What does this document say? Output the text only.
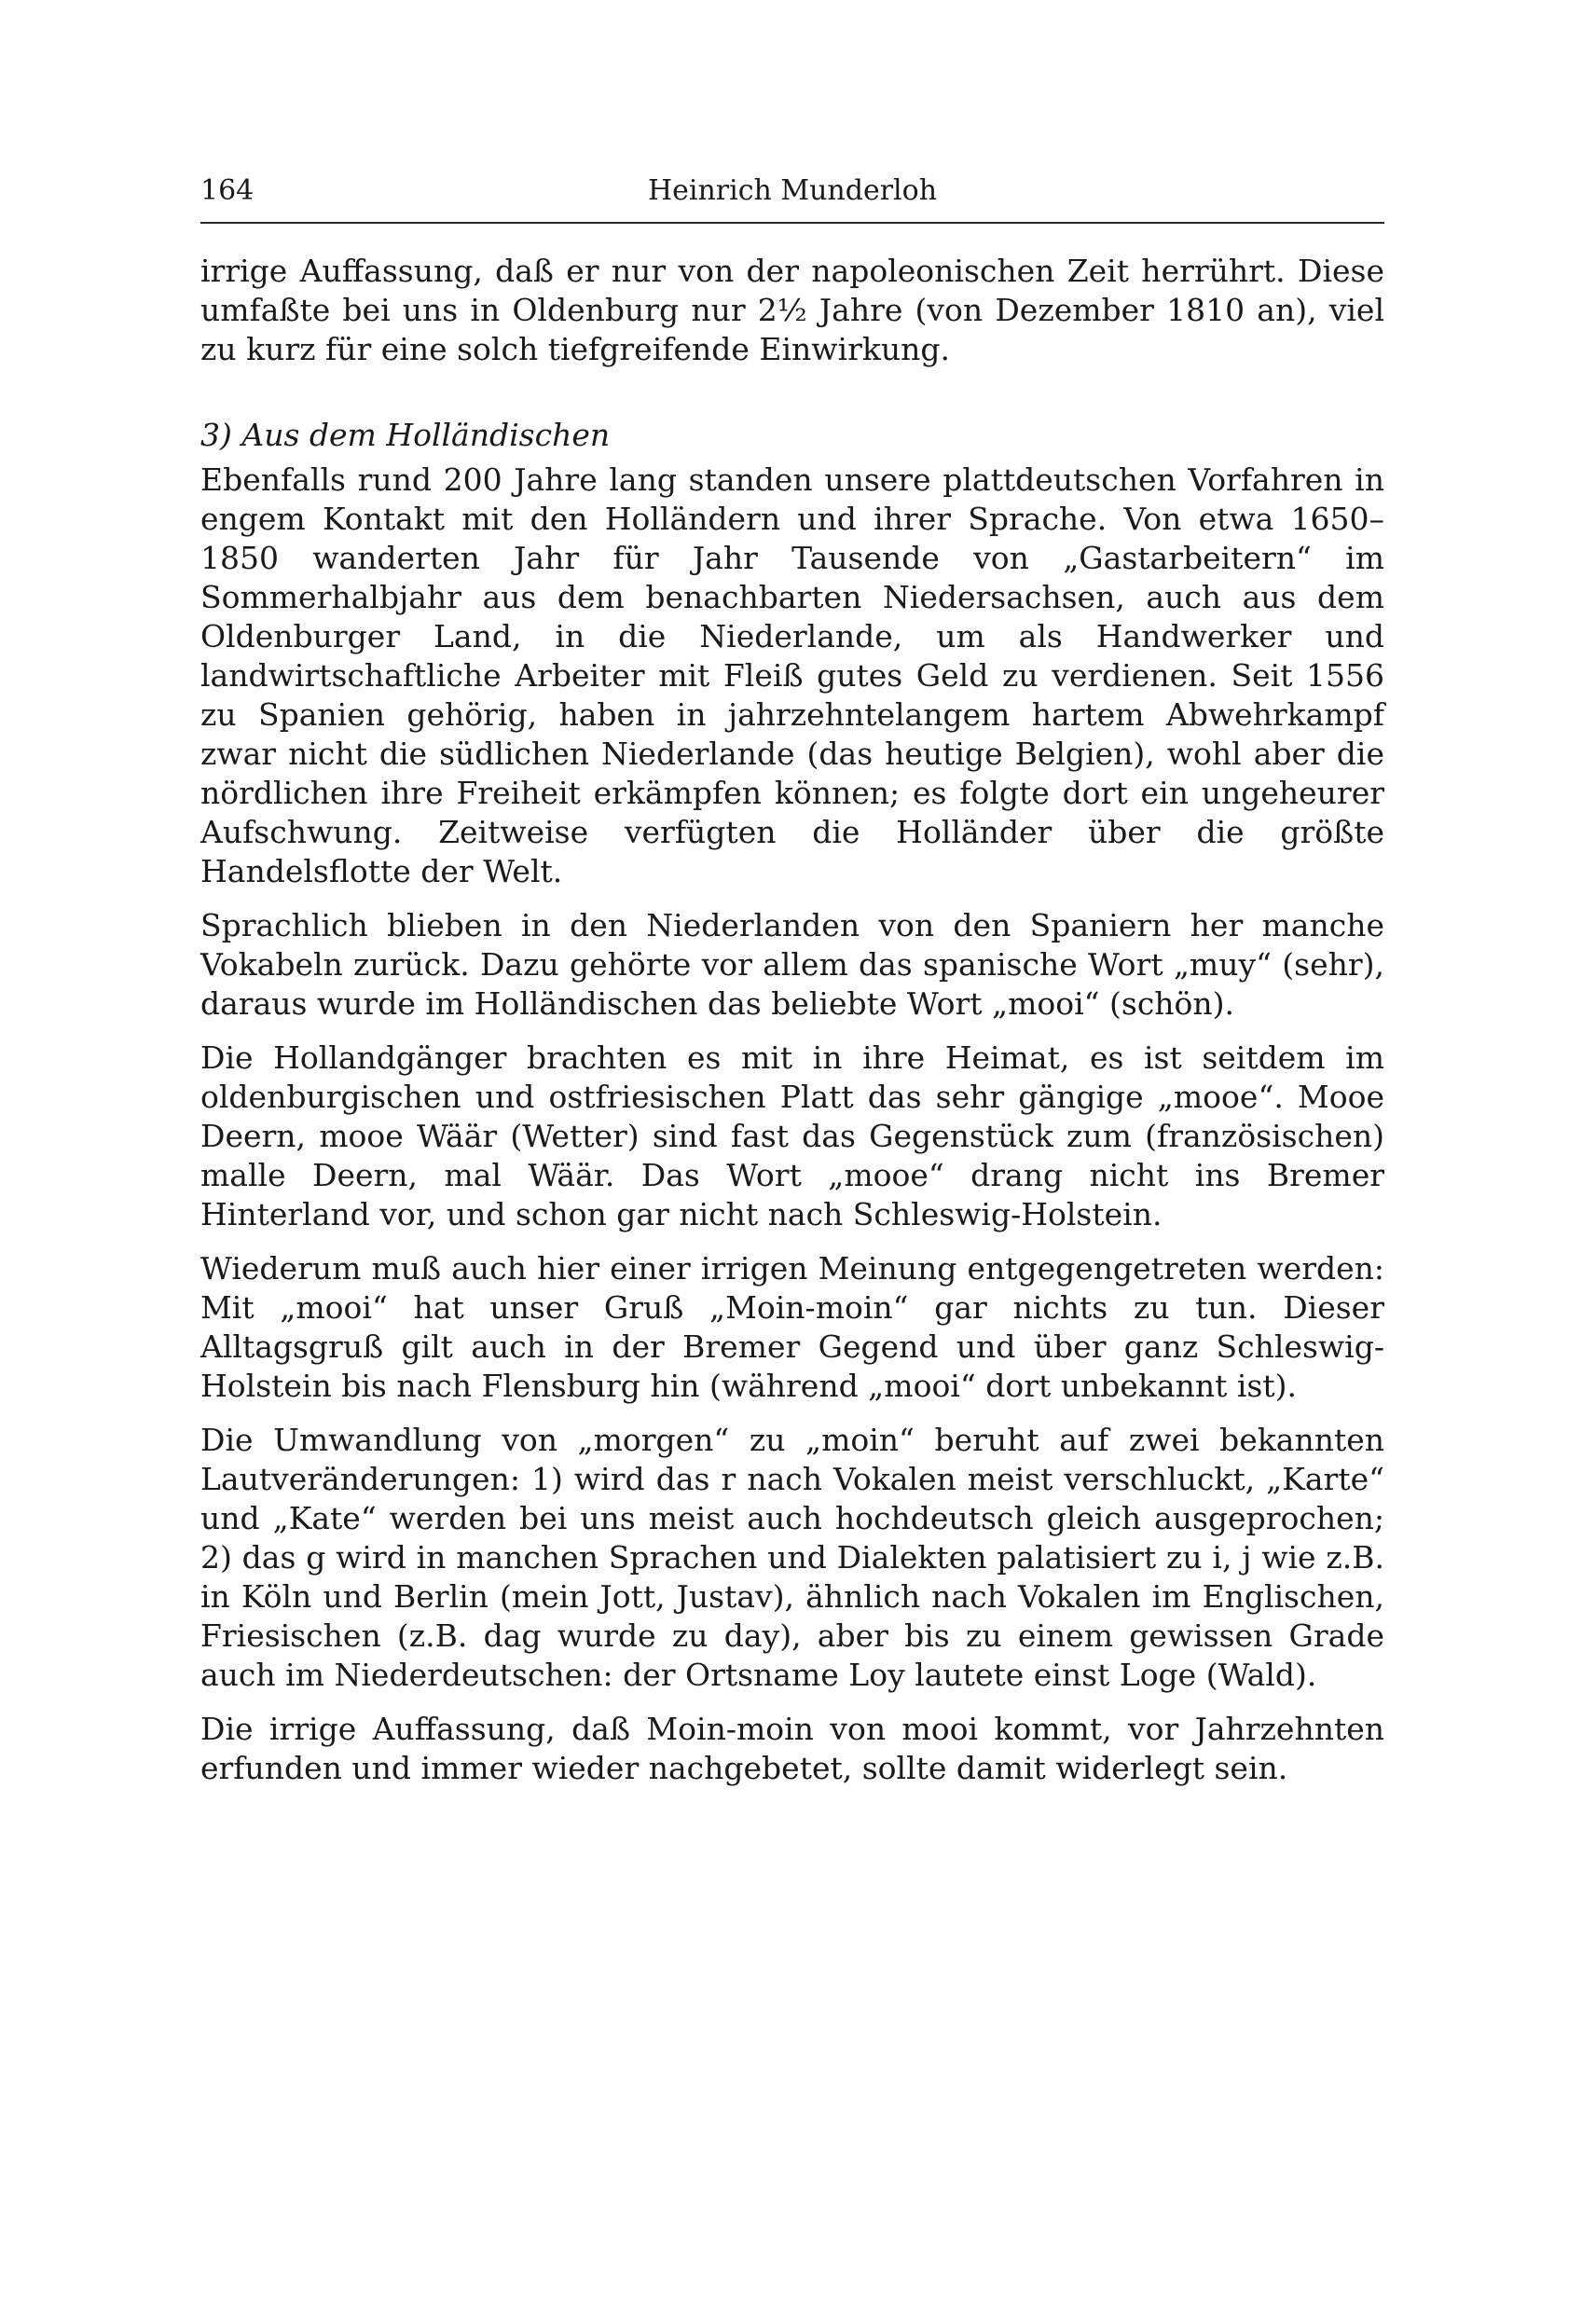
164	Heinrich Munderloh

irrige Auffassung, daß er nur von der napoleonischen Zeit herrührt. Diese umfaßte bei uns in Oldenburg nur 2½ Jahre (von Dezember 1810 an), viel zu kurz für eine solch tiefgreifende Einwirkung.

3) Aus dem Holländischen

Ebenfalls rund 200 Jahre lang standen unsere plattdeutschen Vorfahren in engem Kontakt mit den Holländern und ihrer Sprache. Von etwa 1650–1850 wanderten Jahr für Jahr Tausende von „Gastarbeitern“ im Sommerhalbjahr aus dem benachbarten Niedersachsen, auch aus dem Oldenburger Land, in die Niederlande, um als Handwerker und landwirtschaftliche Arbeiter mit Fleiß gutes Geld zu verdienen. Seit 1556 zu Spanien gehörig, haben in jahrzehntelangem hartem Abwehrkampf zwar nicht die südlichen Niederlande (das heutige Belgien), wohl aber die nördlichen ihre Freiheit erkämpfen können; es folgte dort ein ungeheurer Aufschwung. Zeitweise verfügten die Holländer über die größte Handelsflotte der Welt.

Sprachlich blieben in den Niederlanden von den Spaniern her manche Vokabeln zurück. Dazu gehörte vor allem das spanische Wort „muy“ (sehr), daraus wurde im Holländischen das beliebte Wort „mooi“ (schön).

Die Hollandgänger brachten es mit in ihre Heimat, es ist seitdem im oldenburgischen und ostfriesischen Platt das sehr gängige „mooe“. Mooe Deern, mooe Wäär (Wetter) sind fast das Gegenstück zum (französischen) malle Deern, mal Wäär. Das Wort „mooe“ drang nicht ins Bremer Hinterland vor, und schon gar nicht nach Schleswig-Holstein.

Wiederum muß auch hier einer irrigen Meinung entgegengetreten werden: Mit „mooi“ hat unser Gruß „Moin-moin“ gar nichts zu tun. Dieser Alltagsgruß gilt auch in der Bremer Gegend und über ganz Schleswig-Holstein bis nach Flensburg hin (während „mooi“ dort unbekannt ist).

Die Umwandlung von „morgen“ zu „moin“ beruht auf zwei bekannten Lautveränderungen: 1) wird das r nach Vokalen meist verschluckt, „Karte“ und „Kate“ werden bei uns meist auch hochdeutsch gleich ausgeprochen; 2) das g wird in manchen Sprachen und Dialekten palatisiert zu i, j wie z.B. in Köln und Berlin (mein Jott, Justav), ähnlich nach Vokalen im Englischen, Friesischen (z.B. dag wurde zu day), aber bis zu einem gewissen Grade auch im Niederdeutschen: der Ortsname Loy lautete einst Loge (Wald).

Die irrige Auffassung, daß Moin-moin von mooi kommt, vor Jahrzehnten erfunden und immer wieder nachgebetet, sollte damit widerlegt sein.
